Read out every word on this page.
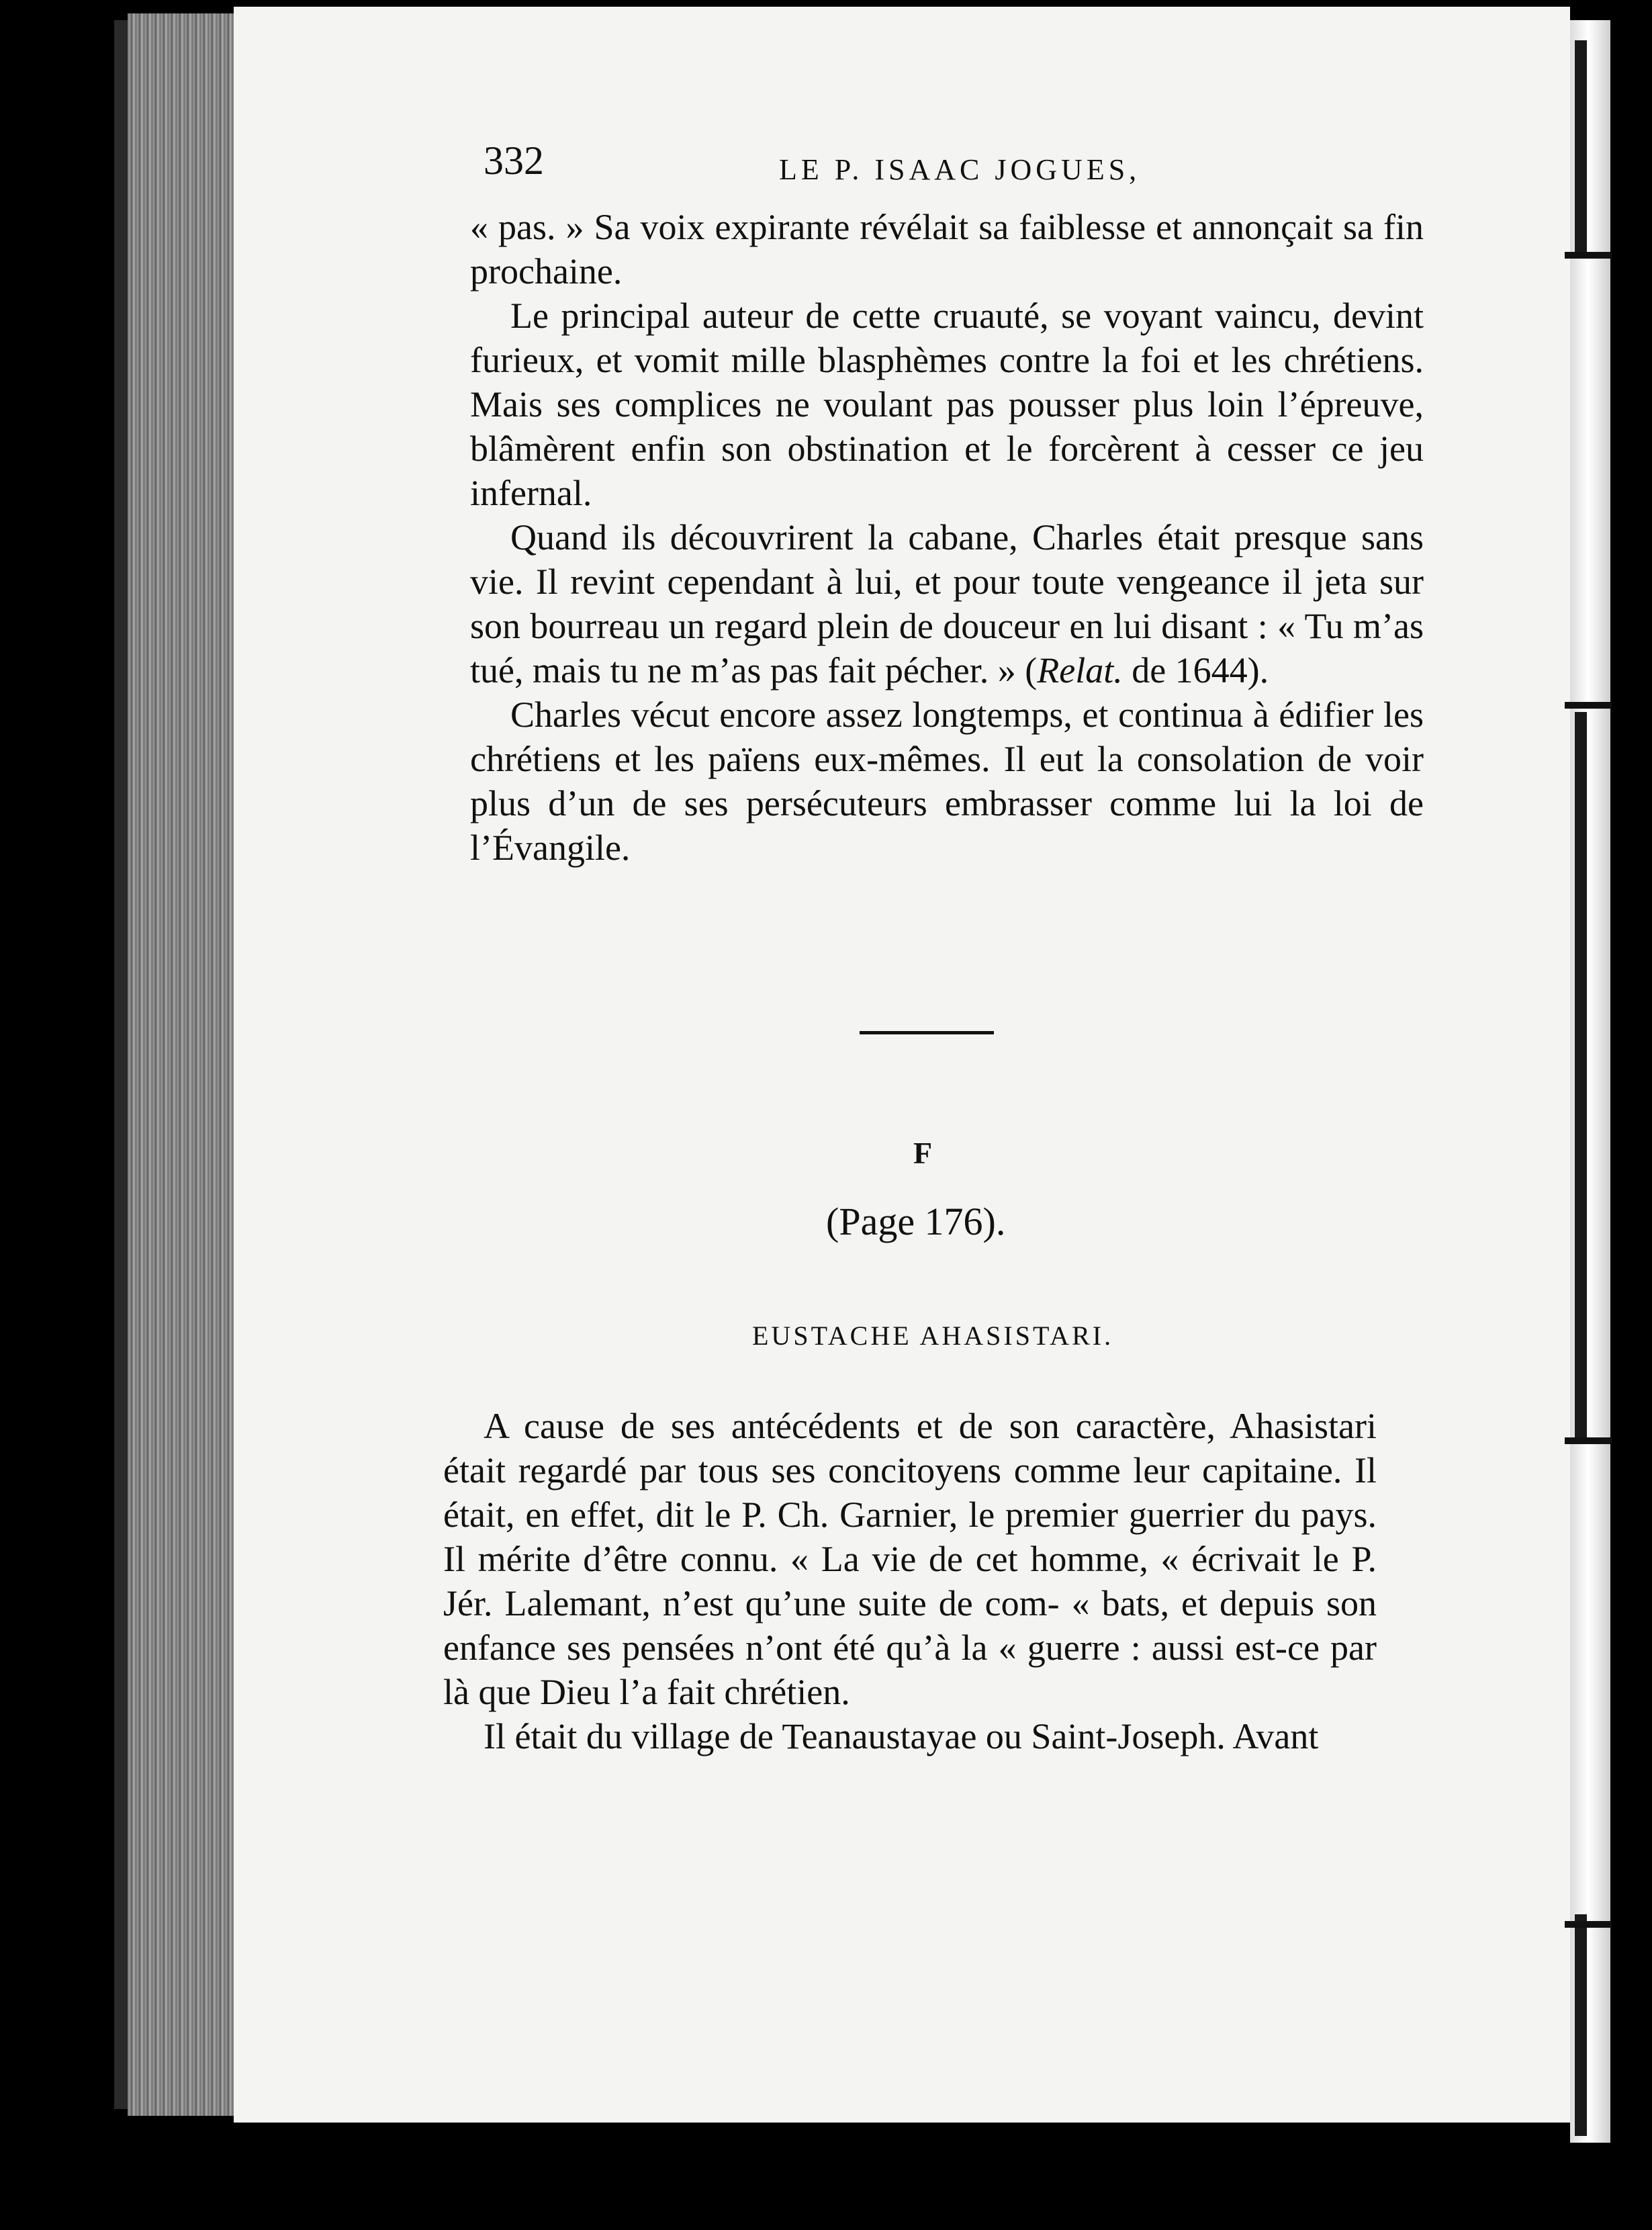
332	LE P. ISAAC JOGUES,

« pas. » Sa voix expirante révélait sa faiblesse et annonçait sa fin prochaine.

Le principal auteur de cette cruauté, se voyant vaincu, devint furieux, et vomit mille blasphèmes contre la foi et les chrétiens. Mais ses complices ne voulant pas pousser plus loin l’épreuve, blâmèrent enfin son obstination et le forcèrent à cesser ce jeu infernal.

Quand ils découvrirent la cabane, Charles était presque sans vie. Il revint cependant à lui, et pour toute vengeance il jeta sur son bourreau un regard plein de douceur en lui disant : « Tu m’as tué, mais tu ne m’as pas fait pécher. » (Relat. de 1644).

Charles vécut encore assez longtemps, et continua à édifier les chrétiens et les païens eux-mêmes. Il eut la consolation de voir plus d’un de ses persécuteurs embrasser comme lui la loi de l’Évangile.

F
(Page 176).
EUSTACHE AHASISTARI.

A cause de ses antécédents et de son caractère, Ahasistari était regardé par tous ses concitoyens comme leur capitaine. Il était, en effet, dit le P. Ch. Garnier, le premier guerrier du pays. Il mérite d’être connu. « La vie de cet homme, « écrivait le P. Jér. Lalemant, n’est qu’une suite de com- « bats, et depuis son enfance ses pensées n’ont été qu’à la « guerre : aussi est-ce par là que Dieu l’a fait chrétien.

Il était du village de Teanaustayae ou Saint-Joseph. Avant
